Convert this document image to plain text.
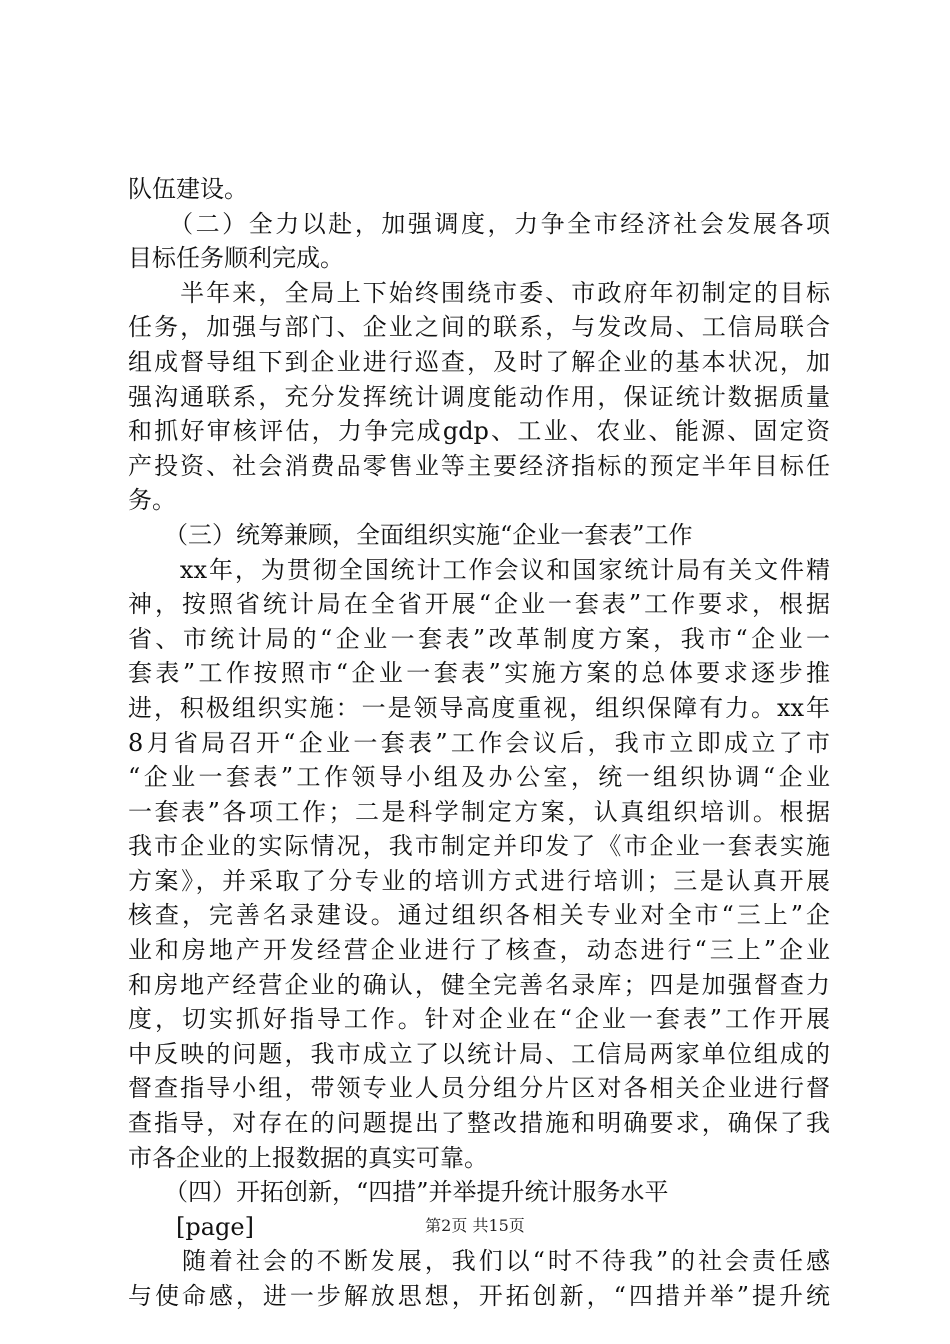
队伍建设。
　　（二）全力以赴，加强调度，力争全市经济社会发展各项
目标任务顺利完成。
　　半年来，全局上下始终围绕市委、市政府年初制定的目标
任务，加强与部门、企业之间的联系，与发改局、工信局联合
组成督导组下到企业进行巡查，及时了解企业的基本状况，加
强沟通联系，充分发挥统计调度能动作用，保证统计数据质量
和抓好审核评估，力争完成gdp、工业、农业、能源、固定资
产投资、社会消费品零售业等主要经济指标的预定半年目标任
务。
　　（三）统筹兼顾，全面组织实施“企业一套表”工作
　　xx年，为贯彻全国统计工作会议和国家统计局有关文件精
神，按照省统计局在全省开展“企业一套表”工作要求，根据
省、市统计局的“企业一套表”改革制度方案，我市“企业一
套表”工作按照市“企业一套表”实施方案的总体要求逐步推
进，积极组织实施：一是领导高度重视，组织保障有力。xx年
8月省局召开“企业一套表”工作会议后，我市立即成立了市
“企业一套表”工作领导小组及办公室，统一组织协调“企业
一套表”各项工作；二是科学制定方案，认真组织培训。根据
我市企业的实际情况，我市制定并印发了《市企业一套表实施
方案》，并采取了分专业的培训方式进行培训；三是认真开展
核查，完善名录建设。通过组织各相关专业对全市“三上”企
业和房地产开发经营企业进行了核查，动态进行“三上”企业
和房地产经营企业的确认，健全完善名录库；四是加强督查力
度，切实抓好指导工作。针对企业在“企业一套表”工作开展
中反映的问题，我市成立了以统计局、工信局两家单位组成的
督查指导小组，带领专业人员分组分片区对各相关企业进行督
查指导，对存在的问题提出了整改措施和明确要求，确保了我
市各企业的上报数据的真实可靠。
　　（四）开拓创新，“四措”并举提升统计服务水平
　　[page]
　　随着社会的不断发展，我们以“时不待我”的社会责任感
与使命感，进一步解放思想，开拓创新，“四措并举”提升统
第2页 共15页
